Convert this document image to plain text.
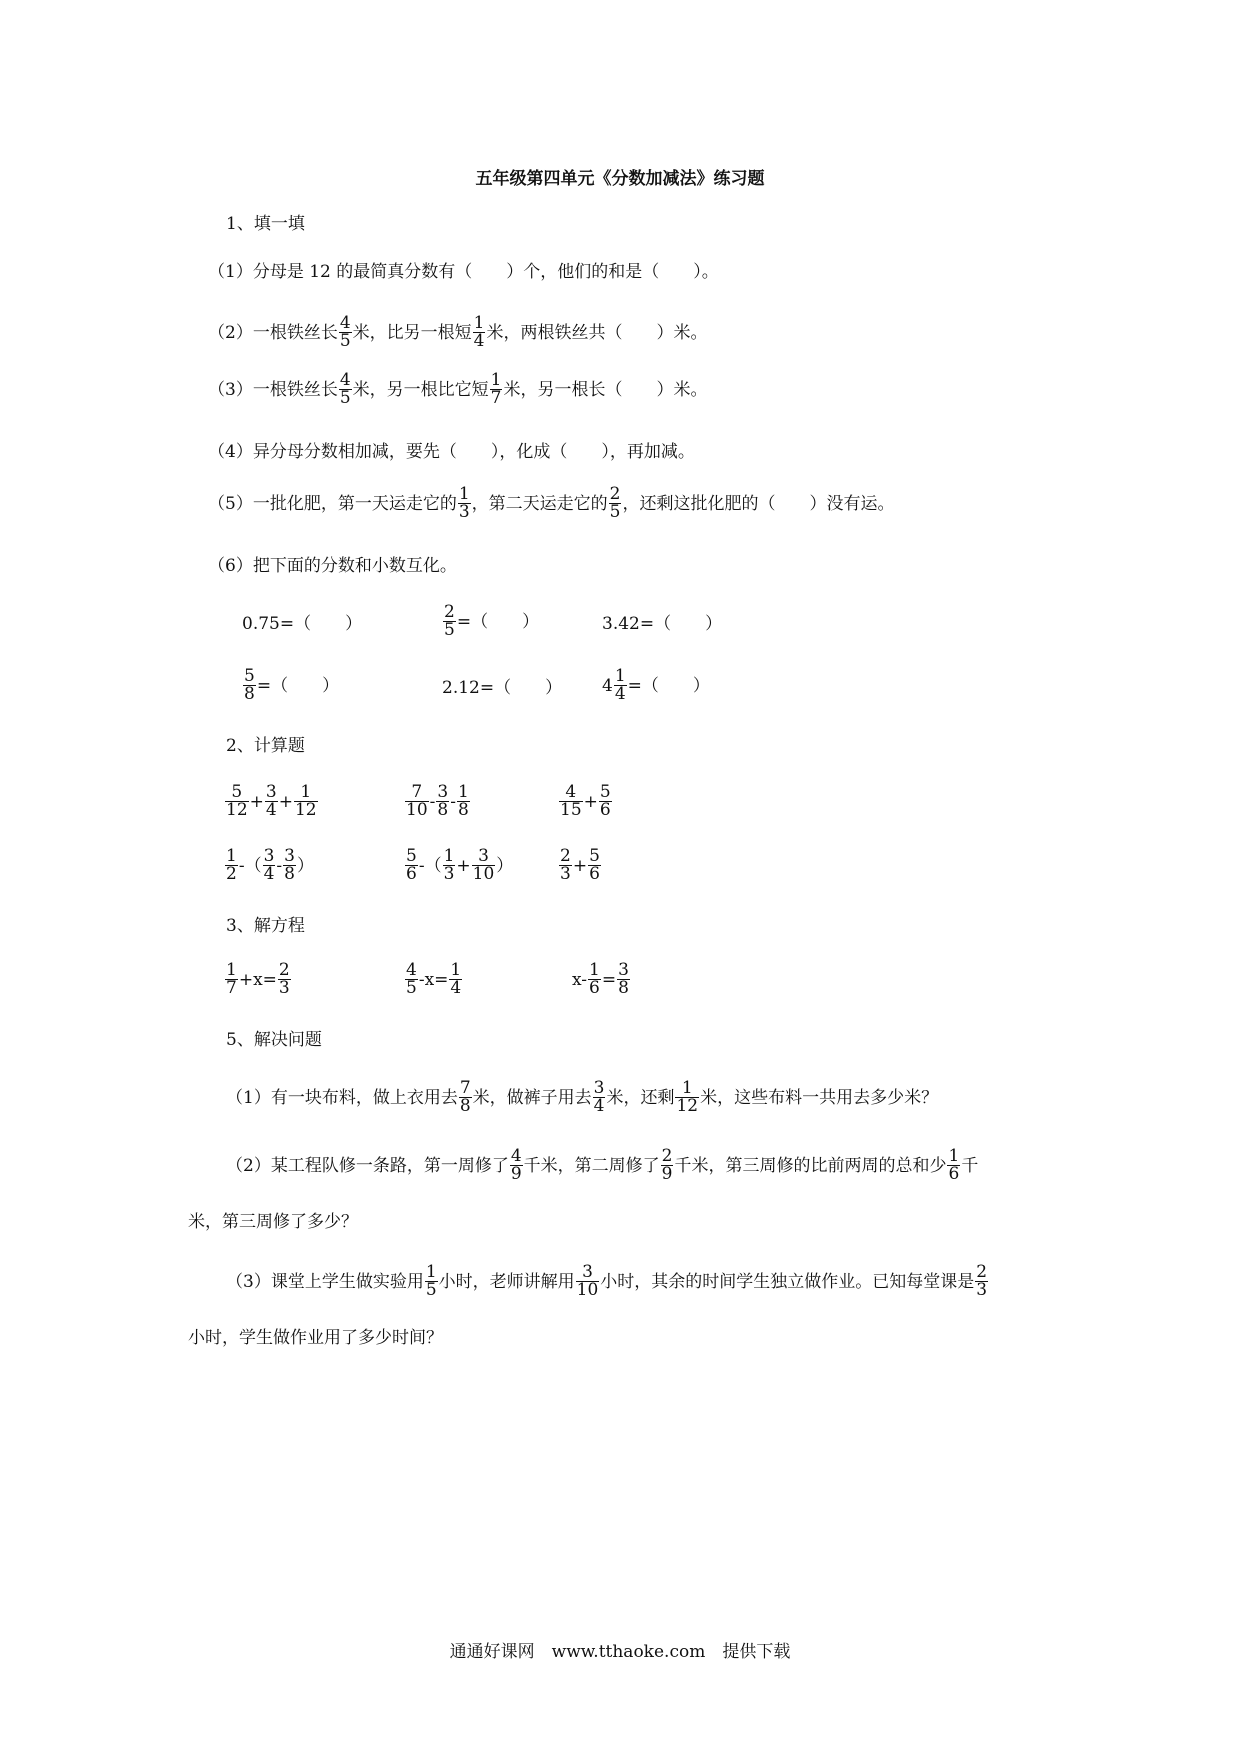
五年级第四单元《分数加减法》练习题
1、填一填
（1）分母是 12 的最简真分数有（　　）个，他们的和是（　　）。
（2）一根铁丝长 $\frac{4}{5}$ 米，比另一根短 $\frac{1}{4}$ 米，两根铁丝共（　　）米。
（3）一根铁丝长 $\frac{4}{5}$ 米，另一根比它短 $\frac{1}{7}$ 米，另一根长（　　）米。
（4）异分母分数相加减，要先（　　），化成（　　），再加减。
（5）一批化肥，第一天运走它的 $\frac{1}{3}$ ，第二天运走它的 $\frac{2}{5}$ ，还剩这批化肥的（　　）没有运。
（6）把下面的分数和小数互化。
0.75=（　　）	$\frac{2}{5}$ =（　　）	3.42=（　　）
$\frac{5}{8}$ =（　　）	2.12=（　　） $4 \frac{1}{4}$ =（　　）
2、计算题
$\frac{5}{12} + \frac{3}{4} + \frac{1}{12}$	$\frac{7}{10} - \frac{3}{8} - \frac{1}{8}$	$\frac{4}{15} + \frac{5}{6}$
$\frac{1}{2}$ -（ $\frac{3}{4} - \frac{3}{8}$ ）	$\frac{5}{6}$ -（ $\frac{1}{3} + \frac{3}{10}$ ）	$\frac{2}{3} + \frac{5}{6}$
3、解方程
$\frac{1}{7} +x= \frac{2}{3}$	$\frac{4}{5} -x= \frac{1}{4}$	$x- \frac{1}{6} = \frac{3}{8}$
5、解决问题
（1）有一块布料，做上衣用去 $\frac{7}{8}$ 米，做裤子用去 $\frac{3}{4}$ 米，还剩 $\frac{1}{12}$ 米，这些布料一共用去多少米？
（2）某工程队修一条路，第一周修了 $\frac{4}{9}$ 千米，第二周修了 $\frac{2}{9}$ 千米，第三周修的比前两周的总和少 $\frac{1}{6}$ 千
米，第三周修了多少？
（3）课堂上学生做实验用 $\frac{1}{5}$ 小时，老师讲解用 $\frac{3}{10}$ 小时，其余的时间学生独立做作业。已知每堂课是 $\frac{2}{3}$
小时，学生做作业用了多少时间？
通通好课网　www.tthaoke.com　提供下载
